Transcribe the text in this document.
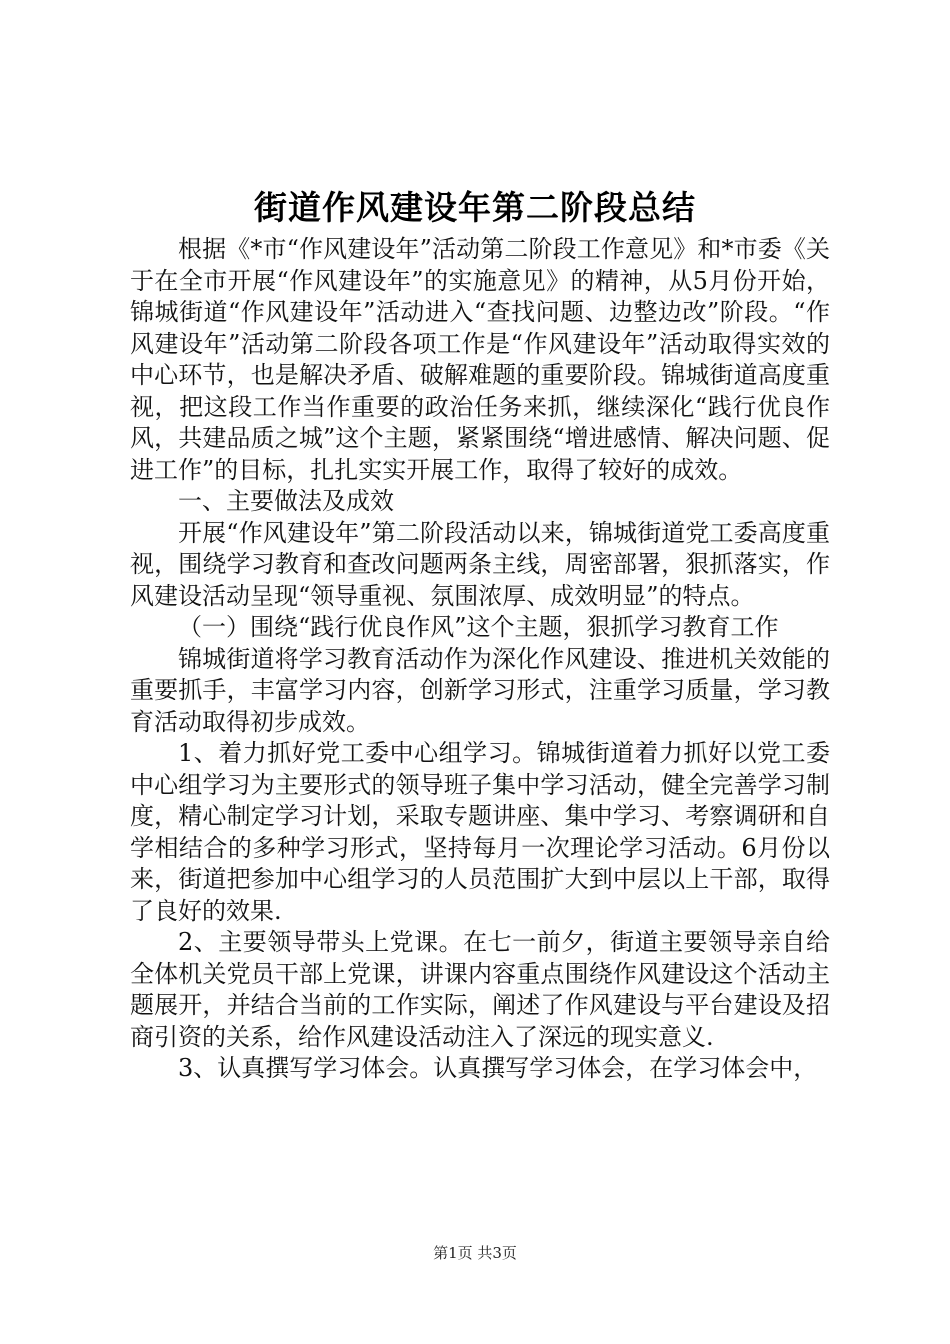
街道作风建设年第二阶段总结

根据《*市“作风建设年”活动第二阶段工作意见》和*市委《关于在全市开展“作风建设年”的实施意见》的精神，从5月份开始，锦城街道“作风建设年”活动进入“查找问题、边整边改”阶段。“作风建设年”活动第二阶段各项工作是“作风建设年”活动取得实效的中心环节，也是解决矛盾、破解难题的重要阶段。锦城街道高度重视，把这段工作当作重要的政治任务来抓，继续深化“践行优良作风，共建品质之城”这个主题，紧紧围绕“增进感情、解决问题、促进工作”的目标，扎扎实实开展工作，取得了较好的成效。

一、主要做法及成效

开展“作风建设年”第二阶段活动以来，锦城街道党工委高度重视，围绕学习教育和查改问题两条主线，周密部署，狠抓落实，作风建设活动呈现“领导重视、氛围浓厚、成效明显”的特点。

（一）围绕“践行优良作风”这个主题，狠抓学习教育工作

锦城街道将学习教育活动作为深化作风建设、推进机关效能的重要抓手，丰富学习内容，创新学习形式，注重学习质量，学习教育活动取得初步成效。

1、着力抓好党工委中心组学习。锦城街道着力抓好以党工委中心组学习为主要形式的领导班子集中学习活动，健全完善学习制度，精心制定学习计划，采取专题讲座、集中学习、考察调研和自学相结合的多种学习形式，坚持每月一次理论学习活动。6月份以来，街道把参加中心组学习的人员范围扩大到中层以上干部，取得了良好的效果.

2、主要领导带头上党课。在七一前夕，街道主要领导亲自给全体机关党员干部上党课，讲课内容重点围绕作风建设这个活动主题展开，并结合当前的工作实际，阐述了作风建设与平台建设及招商引资的关系，给作风建设活动注入了深远的现实意义.

3、认真撰写学习体会。认真撰写学习体会，在学习体会中，

第1页 共3页
